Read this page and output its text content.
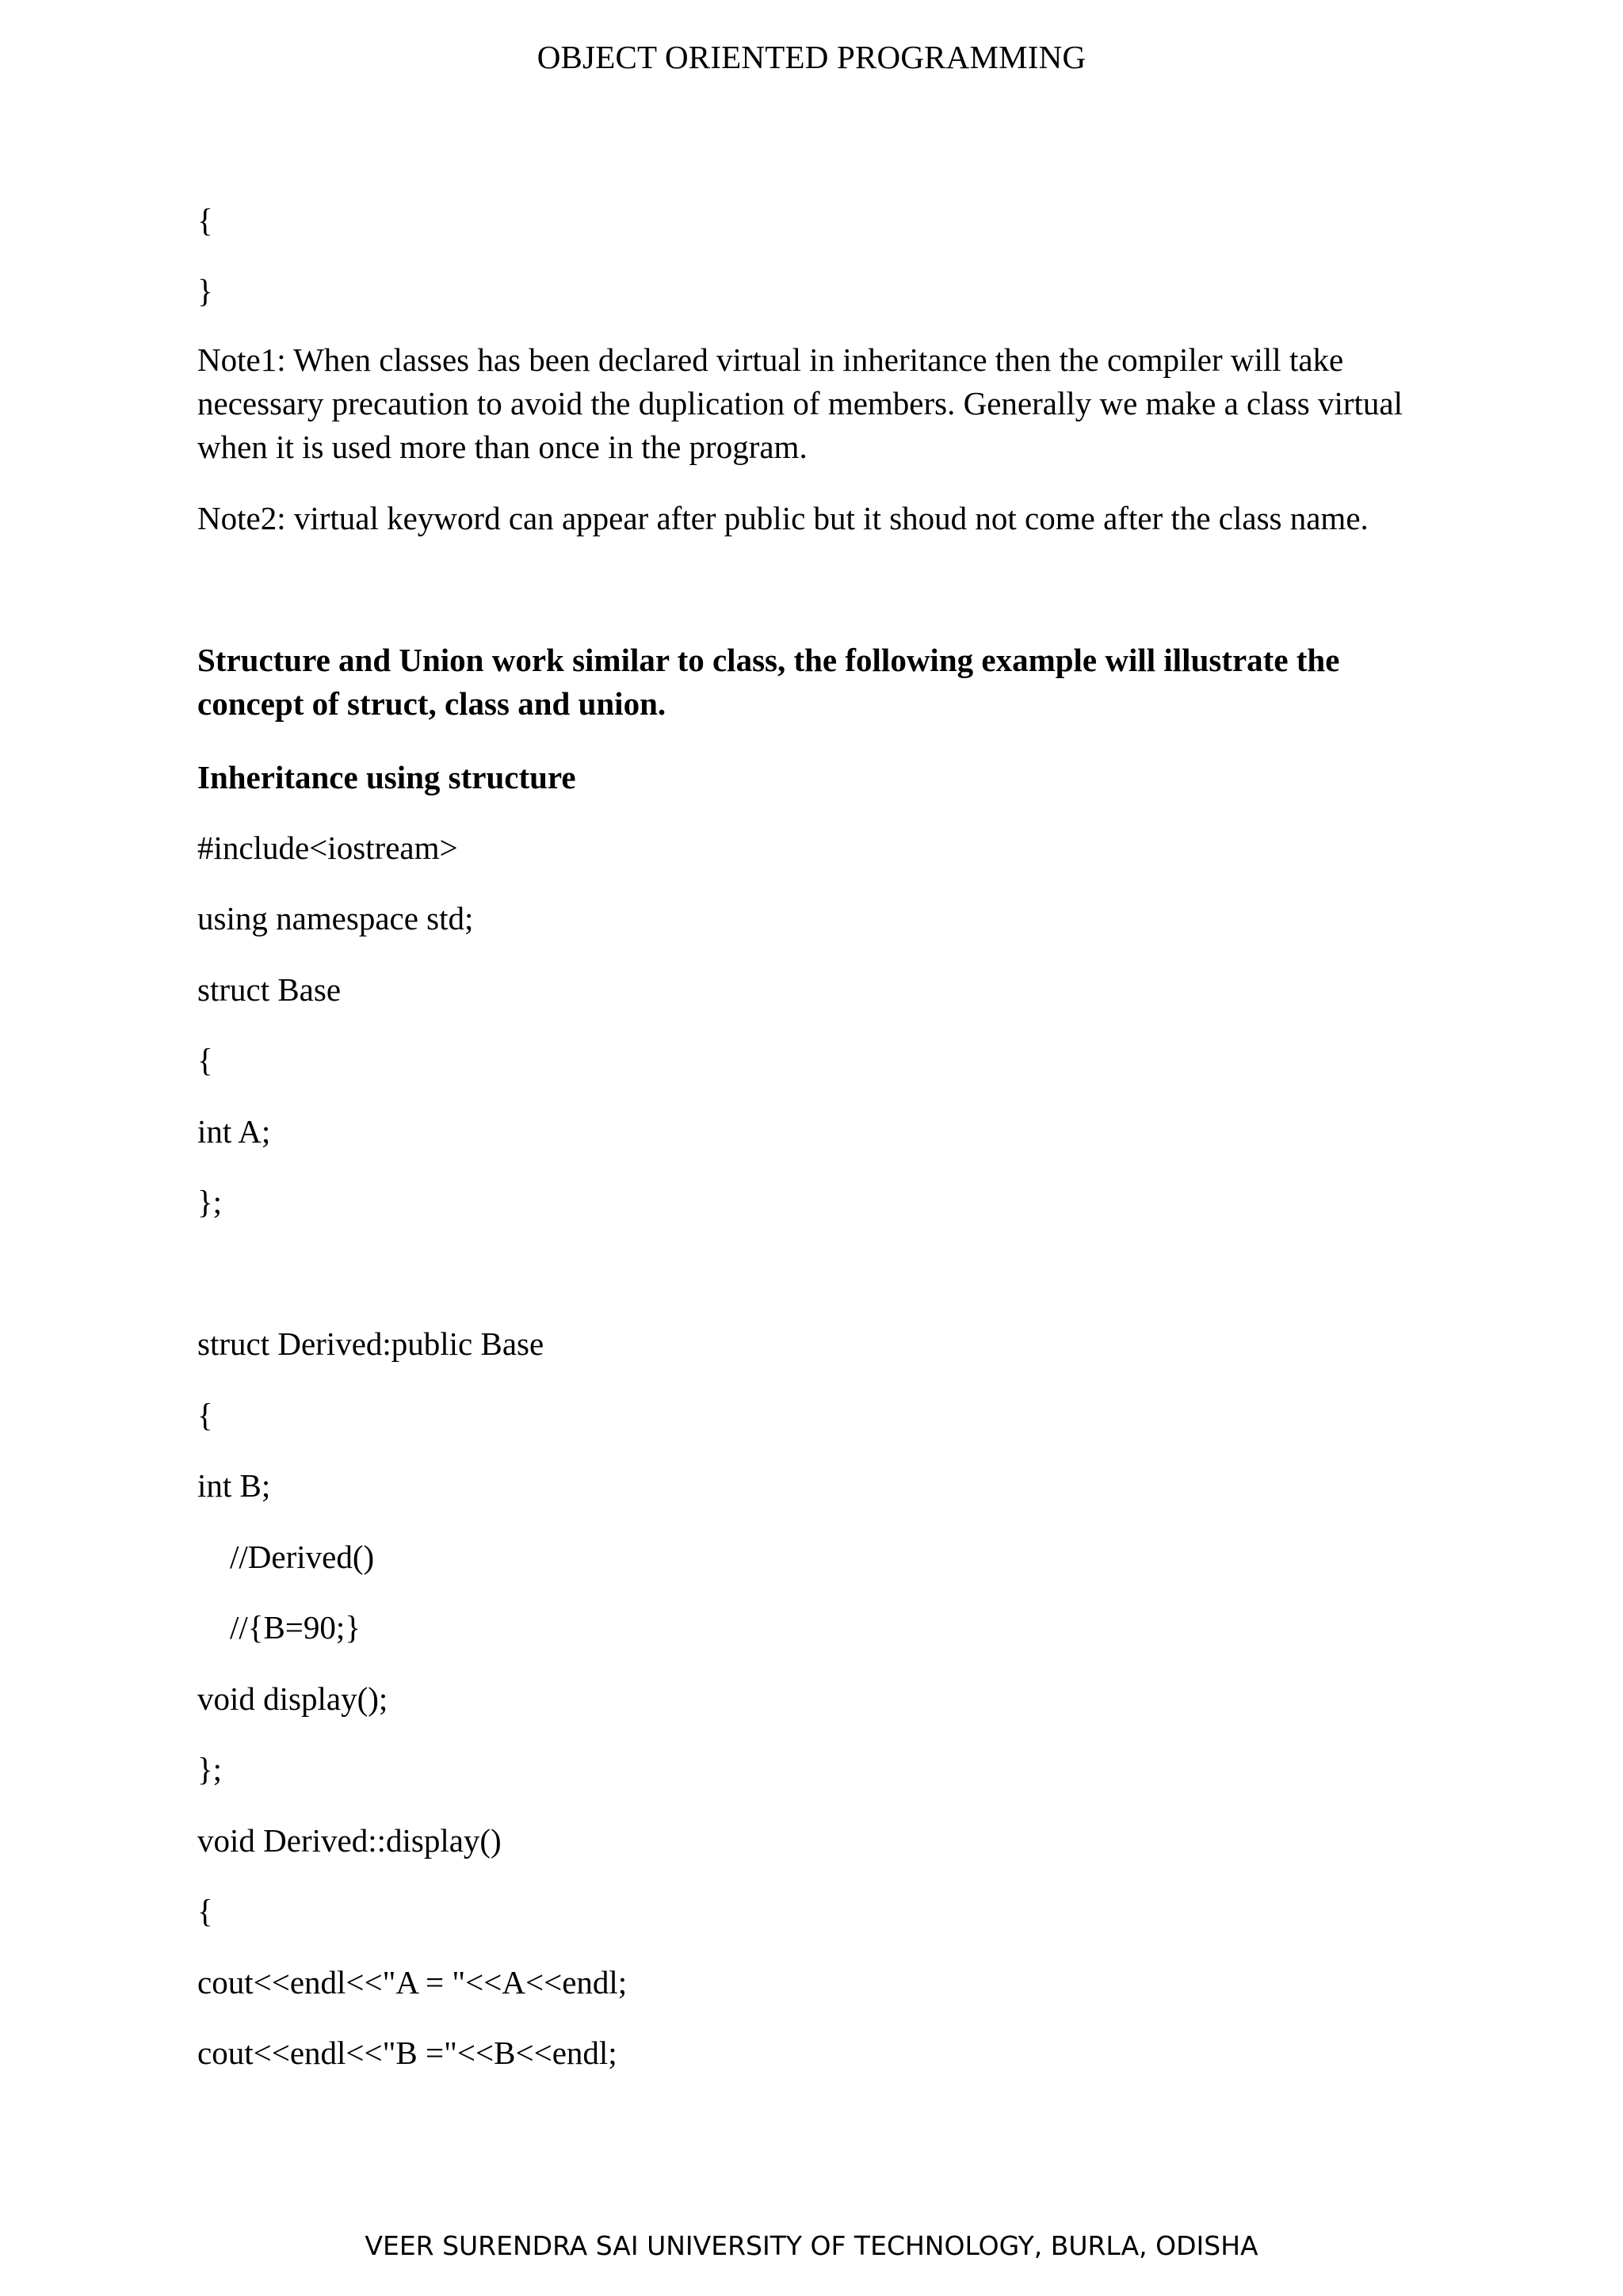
OBJECT ORIENTED PROGRAMMING
{
}
Note1: When classes has been declared virtual in inheritance then the compiler will take necessary precaution to avoid the duplication of members. Generally we make a class virtual when it is used more than once in the program.
Note2: virtual keyword can appear after public but it shoud not come after the class name.
Structure and Union work similar to class, the following example will illustrate the concept of struct, class and union.
Inheritance using structure
#include<iostream>
using namespace std;
struct Base
{
int A;
};
struct Derived:public Base
{
int B;
//Derived()
//{B=90;}
void display();
};
void Derived::display()
{
cout<<endl<<"A = "<<A<<endl;
cout<<endl<<"B ="<<B<<endl;
VEER SURENDRA SAI UNIVERSITY OF TECHNOLOGY, BURLA, ODISHA
